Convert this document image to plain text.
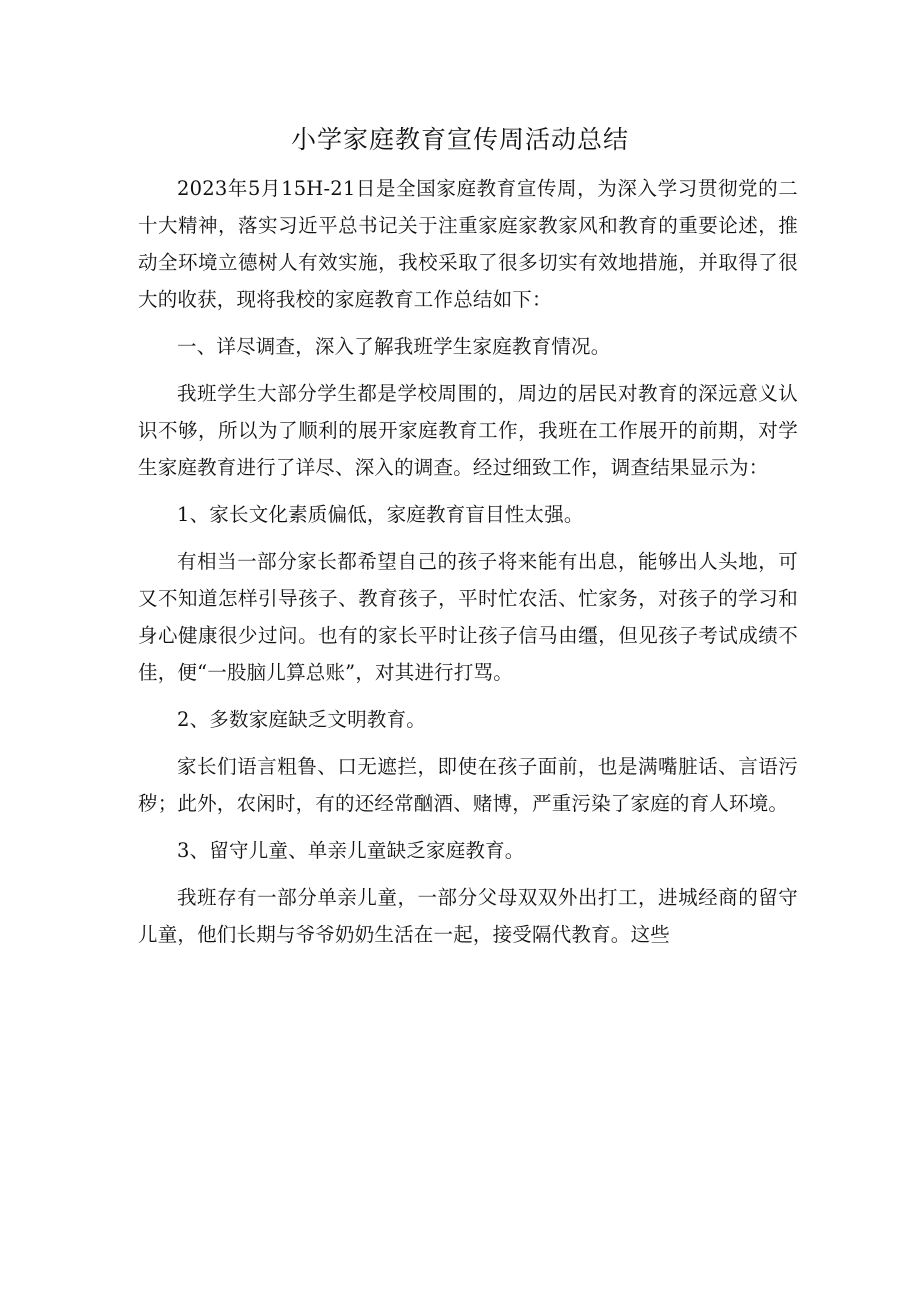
小学家庭教育宣传周活动总结

2023年5月15H-21日是全国家庭教育宣传周，为深入学习贯彻党的二十大精神，落实习近平总书记关于注重家庭家教家风和教育的重要论述，推动全环境立德树人有效实施，我校采取了很多切实有效地措施，并取得了很大的收获，现将我校的家庭教育工作总结如下：

一、详尽调查，深入了解我班学生家庭教育情况。

我班学生大部分学生都是学校周围的，周边的居民对教育的深远意义认识不够，所以为了顺利的展开家庭教育工作，我班在工作展开的前期，对学生家庭教育进行了详尽、深入的调查。经过细致工作，调查结果显示为：

1、家长文化素质偏低，家庭教育盲目性太强。

有相当一部分家长都希望自己的孩子将来能有出息，能够出人头地，可又不知道怎样引导孩子、教育孩子，平时忙农活、忙家务，对孩子的学习和身心健康很少过问。也有的家长平时让孩子信马由缰，但见孩子考试成绩不佳，便“一股脑儿算总账”，对其进行打骂。

2、多数家庭缺乏文明教育。

家长们语言粗鲁、口无遮拦，即使在孩子面前，也是满嘴脏话、言语污秽；此外，农闲时，有的还经常酗酒、赌博，严重污染了家庭的育人环境。

3、留守儿童、单亲儿童缺乏家庭教育。

我班存有一部分单亲儿童，一部分父母双双外出打工，进城经商的留守儿童，他们长期与爷爷奶奶生活在一起，接受隔代教育。这些
